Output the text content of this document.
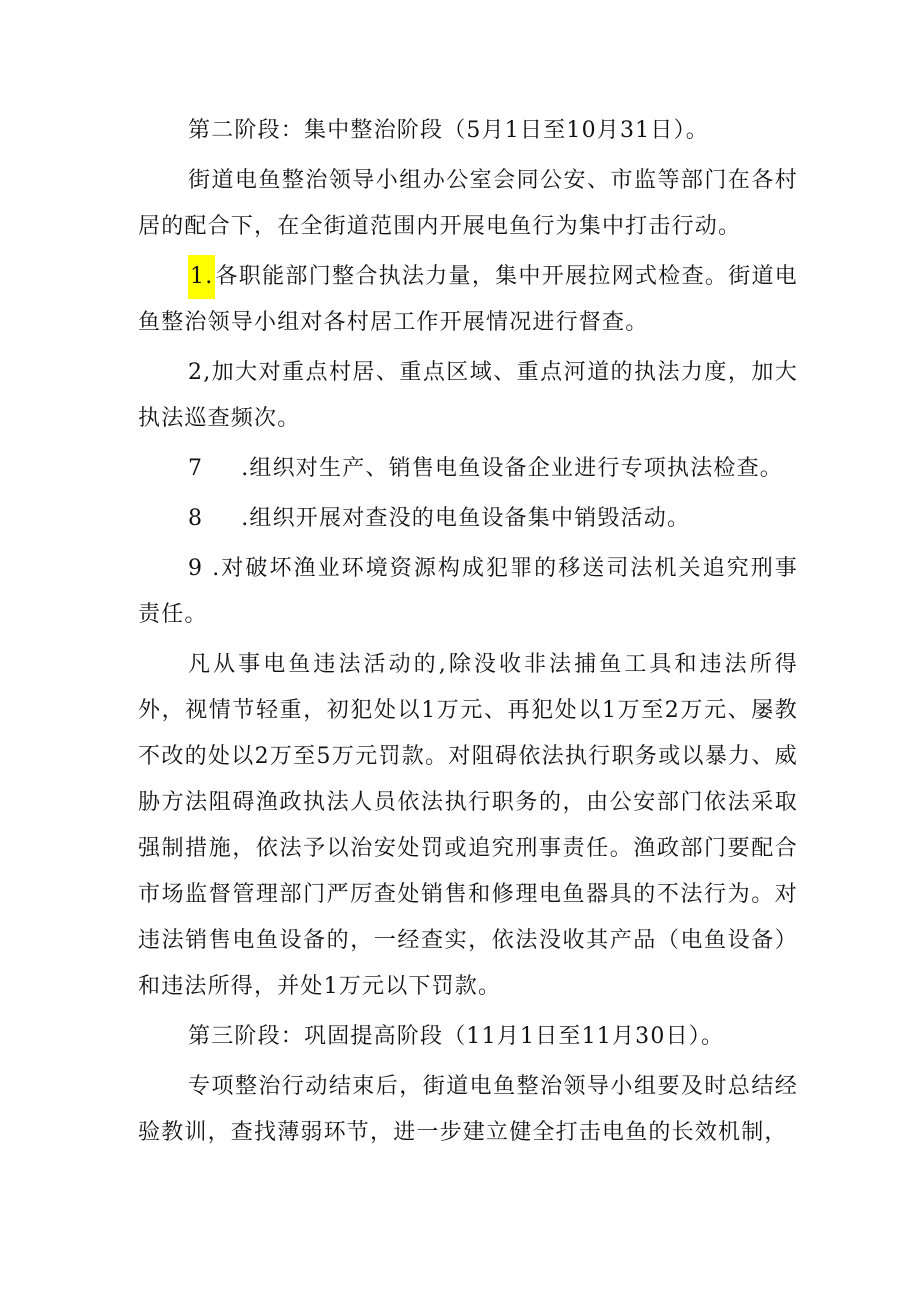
第二阶段：集中整治阶段（5月1日至10月31日）。

街道电鱼整治领导小组办公室会同公安、市监等部门在各村居的配合下，在全街道范围内开展电鱼行为集中打击行动。

1.各职能部门整合执法力量，集中开展拉网式检查。街道电鱼整治领导小组对各村居工作开展情况进行督查。

2,加大对重点村居、重点区域、重点河道的执法力度，加大执法巡查频次。

7 .组织对生产、销售电鱼设备企业进行专项执法检查。

8 .组织开展对查没的电鱼设备集中销毁活动。

9 .对破坏渔业环境资源构成犯罪的移送司法机关追究刑事责任。

凡从事电鱼违法活动的,除没收非法捕鱼工具和违法所得外，视情节轻重，初犯处以1万元、再犯处以1万至2万元、屡教不改的处以2万至5万元罚款。对阻碍依法执行职务或以暴力、威胁方法阻碍渔政执法人员依法执行职务的，由公安部门依法采取强制措施，依法予以治安处罚或追究刑事责任。渔政部门要配合市场监督管理部门严厉查处销售和修理电鱼器具的不法行为。对违法销售电鱼设备的，一经查实，依法没收其产品（电鱼设备）和违法所得，并处1万元以下罚款。

第三阶段：巩固提高阶段（11月1日至11月30日）。

专项整治行动结束后，街道电鱼整治领导小组要及时总结经验教训，查找薄弱环节，进一步建立健全打击电鱼的长效机制，
